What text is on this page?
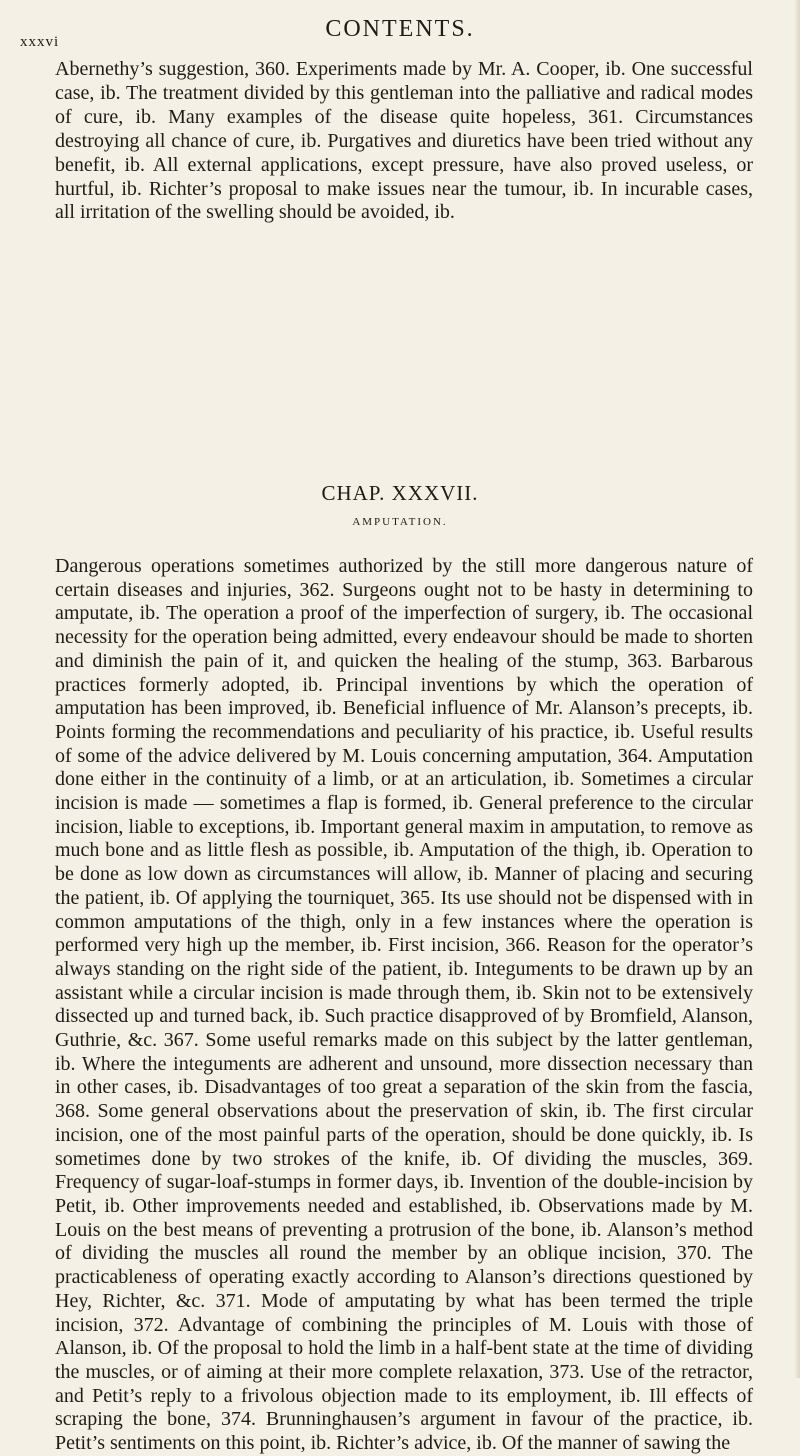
xxxvi	CONTENTS.

Abernethy’s suggestion, 360. Experiments made by Mr. A. Cooper, ib. One successful case, ib. The treatment divided by this gentleman into the palliative and radical modes of cure, ib. Many examples of the disease quite hopeless, 361. Circumstances destroying all chance of cure, ib. Purgatives and diuretics have been tried without any benefit, ib. All external applications, except pressure, have also proved useless, or hurtful, ib. Richter’s proposal to make issues near the tumour, ib. In incurable cases, all irritation of the swelling should be avoided, ib.

CHAP. XXXVII.
AMPUTATION.

Dangerous operations sometimes authorized by the still more dangerous nature of certain diseases and injuries, 362. Surgeons ought not to be hasty in determining to amputate, ib. The operation a proof of the imperfection of surgery, ib. The occasional necessity for the operation being admitted, every endeavour should be made to shorten and diminish the pain of it, and quicken the healing of the stump, 363. Barbarous practices formerly adopted, ib. Principal inventions by which the operation of amputation has been improved, ib. Beneficial influence of Mr. Alanson’s precepts, ib. Points forming the recommendations and peculiarity of his practice, ib. Useful results of some of the advice delivered by M. Louis concerning amputation, 364. Amputation done either in the continuity of a limb, or at an articulation, ib. Sometimes a circular incision is made — sometimes a flap is formed, ib. General preference to the circular incision, liable to exceptions, ib. Important general maxim in amputation, to remove as much bone and as little flesh as possible, ib. Amputation of the thigh, ib. Operation to be done as low down as circumstances will allow, ib. Manner of placing and securing the patient, ib. Of applying the tourniquet, 365. Its use should not be dispensed with in common amputations of the thigh, only in a few instances where the operation is performed very high up the member, ib. First incision, 366. Reason for the operator’s always standing on the right side of the patient, ib. Integuments to be drawn up by an assistant while a circular incision is made through them, ib. Skin not to be extensively dissected up and turned back, ib. Such practice disapproved of by Bromfield, Alanson, Guthrie, &c. 367. Some useful remarks made on this subject by the latter gentleman, ib. Where the integuments are adherent and unsound, more dissection necessary than in other cases, ib. Disadvantages of too great a separation of the skin from the fascia, 368. Some general observations about the preservation of skin, ib. The first circular incision, one of the most painful parts of the operation, should be done quickly, ib. Is sometimes done by two strokes of the knife, ib. Of dividing the muscles, 369. Frequency of sugar-loaf-stumps in former days, ib. Invention of the double-incision by Petit, ib. Other improvements needed and established, ib. Observations made by M. Louis on the best means of preventing a protrusion of the bone, ib. Alanson’s method of dividing the muscles all round the member by an oblique incision, 370. The practicableness of operating exactly according to Alanson’s directions questioned by Hey, Richter, &c. 371. Mode of amputating by what has been termed the triple incision, 372. Advantage of combining the principles of M. Louis with those of Alanson, ib. Of the proposal to hold the limb in a half-bent state at the time of dividing the muscles, or of aiming at their more complete relaxation, 373. Use of the retractor, and Petit’s reply to a frivolous objection made to its employment, ib. Ill effects of scraping the bone, 374. Brunninghausen’s argument in favour of the practice, ib. Petit’s sentiments on this point, ib. Richter’s advice, ib. Of the manner of sawing the
